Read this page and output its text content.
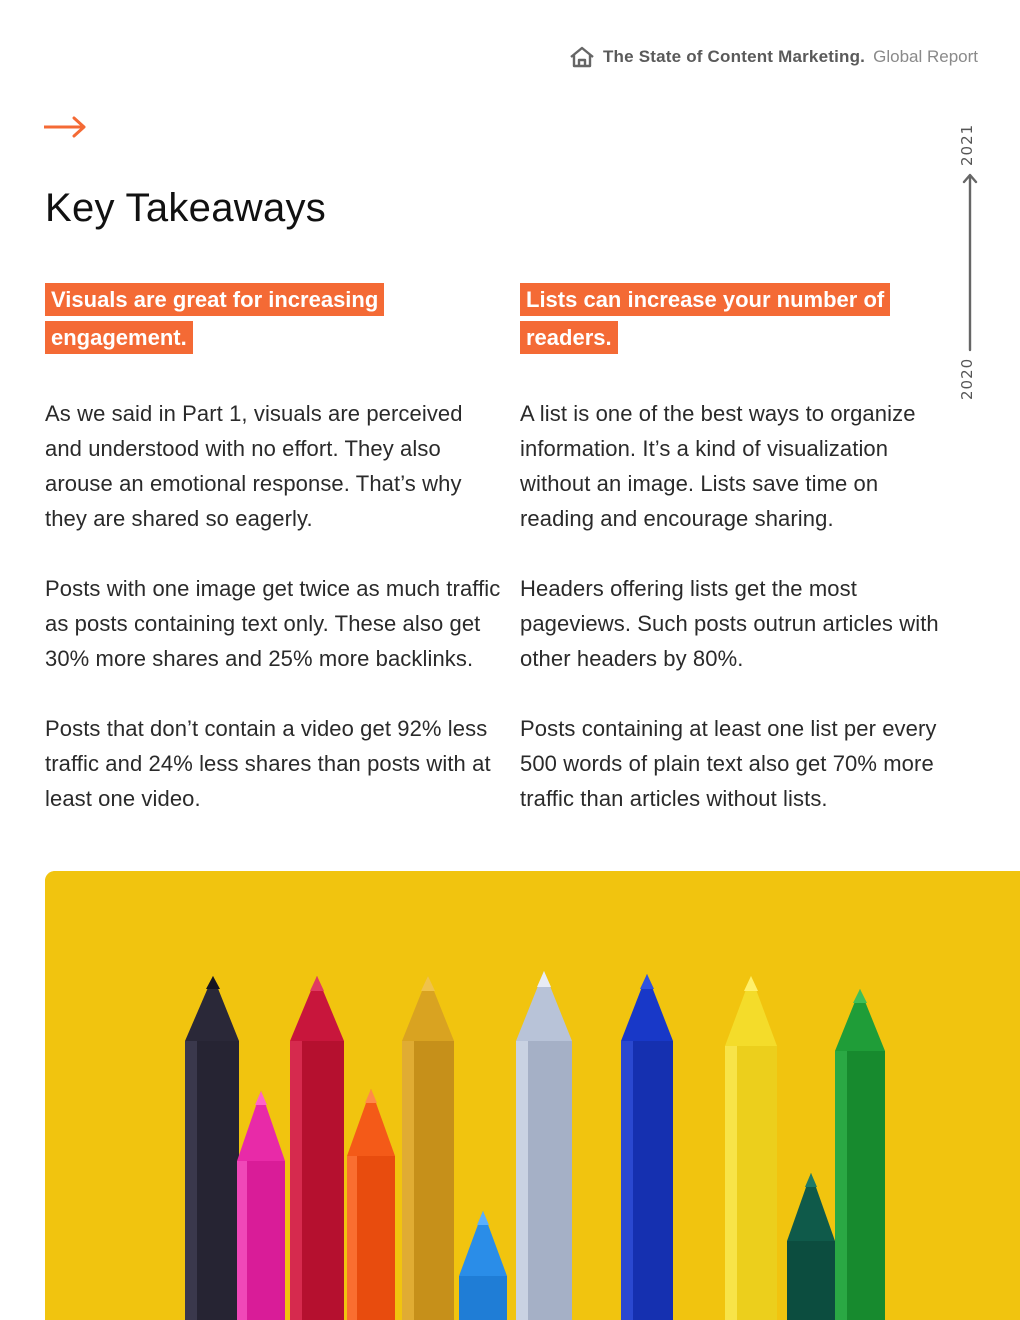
The State of Content Marketing. Global Report
Key Takeaways
2021
2020
Visuals are great for increasing engagement.

As we said in Part 1, visuals are perceived and understood with no effort. They also arouse an emotional response. That’s why they are shared so eagerly.

Posts with one image get twice as much traffic as posts containing text only. These also get 30% more shares and 25% more backlinks.

Posts that don’t contain a video get 92% less traffic and 24% less shares than posts with at least one video.

Lists can increase your number of readers.

A list is one of the best ways to organize information. It’s a kind of visualization without an image. Lists save time on reading and encourage sharing.

Headers offering lists get the most pageviews. Such posts outrun articles with other headers by 80%.

Posts containing at least one list per every 500 words of plain text also get 70% more traffic than articles without lists.
